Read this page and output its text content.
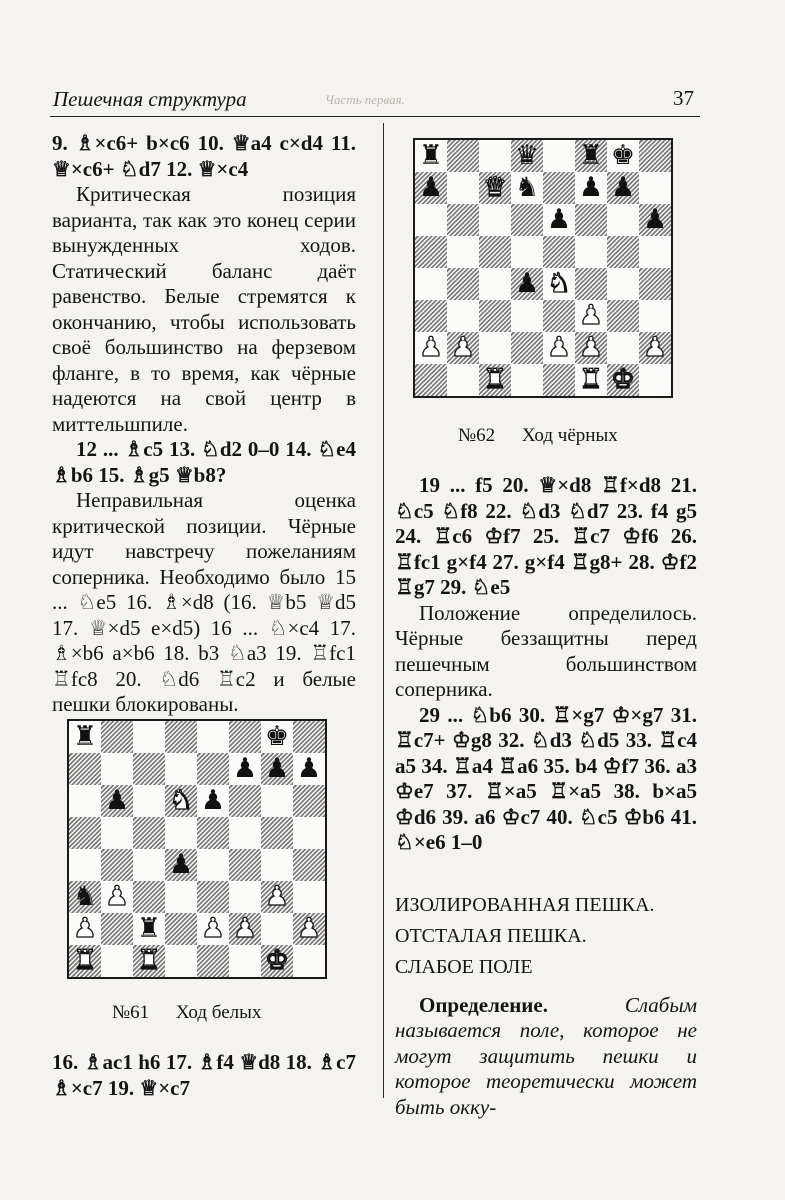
Пешечная структура	Часть первая.	37

9. ♗×c6+ b×c6 10. ♕a4 c×d4 11. ♕×c6+ ♘d7 12. ♕×c4

Критическая позиция варианта, так как это конец серии вынужденных ходов. Статический баланс даёт равенство. Белые стремятся к окончанию, чтобы использовать своё большинство на ферзевом фланге, в то время, как чёрные надеются на свой центр в миттельшпиле.

12 ... ♗c5 13. ♘d2 0–0 14. ♘e4 ♗b6 15. ♗g5 ♕b8?

Неправильная оценка критической позиции. Чёрные идут навстречу пожеланиям соперника. Необходимо было 15 ... ♘e5 16. ♗×d8 (16. ♕b5 ♕d5 17. ♕×d5 e×d5) 16 ... ♘×c4 17. ♗×b6 a×b6 18. b3 ♘a3 19. ♖fc1 ♖fc8 20. ♘d6 ♖c2 и белые пешки блокированы.

♜	♚
♟ ♟ ♟
♟ ♞ ♟
♟
♞ ♟	♟
♟ ♜ ♟ ♟ ♟
♜ ♜	♚
№61 Ход белых

16. ♗ac1 h6 17. ♗f4 ♕d8 18. ♗c7 ♗×c7 19. ♕×c7

♜	♛ ♜ ♚
♟ ♛ ♞ ♟ ♟
♟	♟
♟ ♞
♟
♟ ♟	♟ ♟ ♟
♜	♜ ♚
№62 Ход чёрных

19 ... f5 20. ♕×d8 ♖f×d8 21. ♘c5 ♘f8 22. ♘d3 ♘d7 23. f4 g5 24. ♖c6 ♔f7 25. ♖c7 ♔f6 26. ♖fc1 g×f4 27. g×f4 ♖g8+ 28. ♔f2 ♖g7 29. ♘e5

Положение определилось. Чёрные беззащитны перед пешечным большинством соперника.

29 ... ♘b6 30. ♖×g7 ♔×g7 31. ♖c7+ ♔g8 32. ♘d3 ♘d5 33. ♖c4 a5 34. ♖a4 ♖a6 35. b4 ♔f7 36. a3 ♔e7 37. ♖×a5 ♖×a5 38. b×a5 ♔d6 39. a6 ♔c7 40. ♘c5 ♔b6 41. ♘×e6 1–0

ИЗОЛИРОВАННАЯ ПЕШКА.

ОТСТАЛАЯ ПЕШКА.

СЛАБОЕ ПОЛЕ

Определение.	Слабым называется поле, которое не могут защитить пешки и которое теоретически может быть окку-
